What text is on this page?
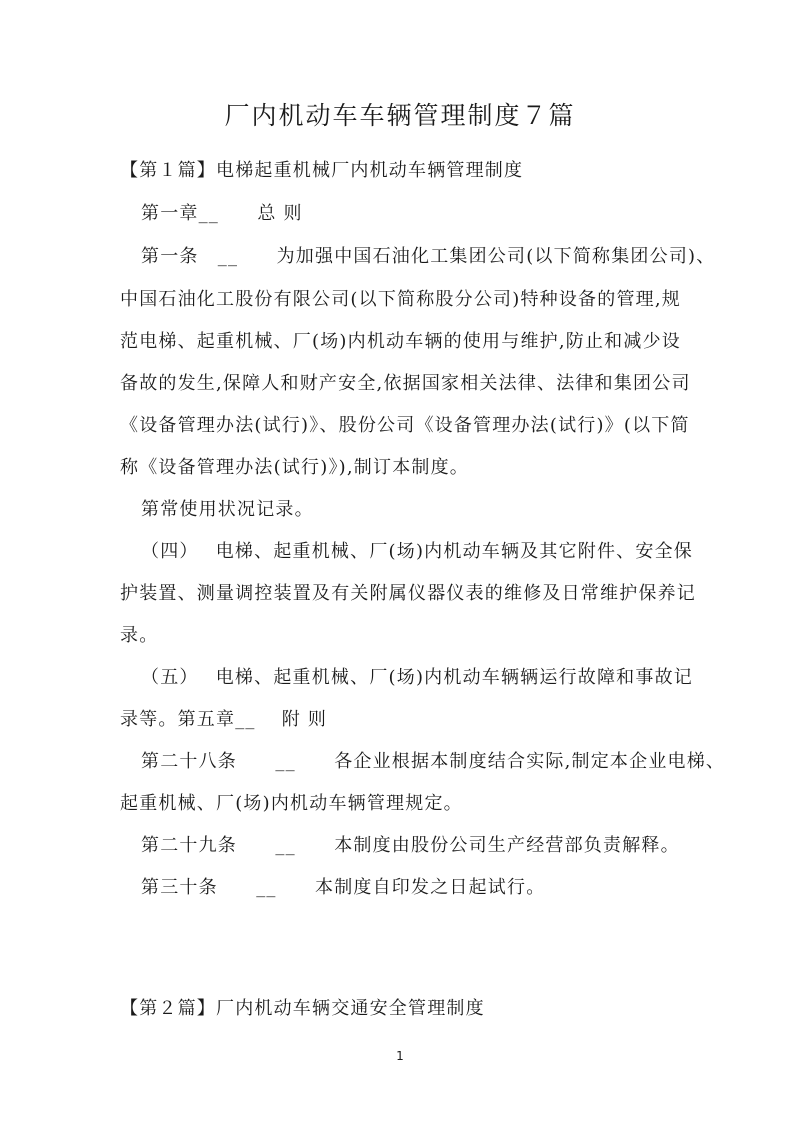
厂内机动车车辆管理制度７篇
【第１篇】电梯起重机械厂内机动车辆管理制度
第一章__　　总 则
第一条　__　　为加强中国石油化工集团公司(以下简称集团公司)、
中国石油化工股份有限公司(以下简称股分公司)特种设备的管理,规
范电梯、起重机械、厂(场)内机动车辆的使用与维护,防止和减少设
备故的发生,保障人和财产安全,依据国家相关法律、法律和集团公司
《设备管理办法(试行)》、股份公司《设备管理办法(试行)》(以下简
称《设备管理办法(试行)》),制订本制度。
第常使用状况记录。
（四）　 电梯、起重机械、厂(场)内机动车辆及其它附件、安全保
护装置、测量调控装置及有关附属仪器仪表的维修及日常维护保养记
录。
（五）　 电梯、起重机械、厂(场)内机动车辆辆运行故障和事故记
录等。第五章__　 附 则
第二十八条　　__　　各企业根据本制度结合实际,制定本企业电梯、
起重机械、厂(场)内机动车辆管理规定。
第二十九条　　__　　本制度由股份公司生产经营部负责解释。
第三十条　　__　　本制度自印发之日起试行。
【第２篇】厂内机动车辆交通安全管理制度
1
